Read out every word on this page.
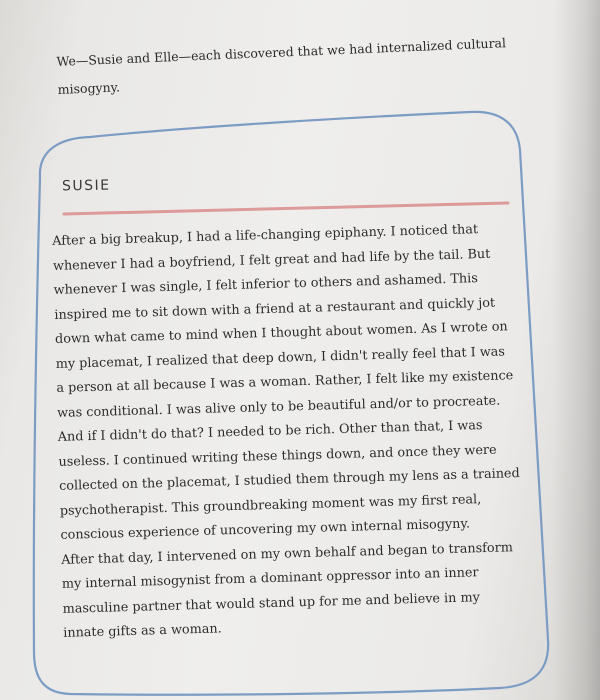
We—Susie and Elle—each discovered that we had internalized cultural
misogyny.

SUSIE

After a big breakup, I had a life-changing epiphany. I noticed that
whenever I had a boyfriend, I felt great and had life by the tail. But
whenever I was single, I felt inferior to others and ashamed. This
inspired me to sit down with a friend at a restaurant and quickly jot
down what came to mind when I thought about women. As I wrote on
my placemat, I realized that deep down, I didn't really feel that I was
a person at all because I was a woman. Rather, I felt like my existence
was conditional. I was alive only to be beautiful and/or to procreate.
And if I didn't do that? I needed to be rich. Other than that, I was
useless. I continued writing these things down, and once they were
collected on the placemat, I studied them through my lens as a trained
psychotherapist. This groundbreaking moment was my first real,
conscious experience of uncovering my own internal misogyny.
After that day, I intervened on my own behalf and began to transform
my internal misogynist from a dominant oppressor into an inner
masculine partner that would stand up for me and believe in my
innate gifts as a woman.
